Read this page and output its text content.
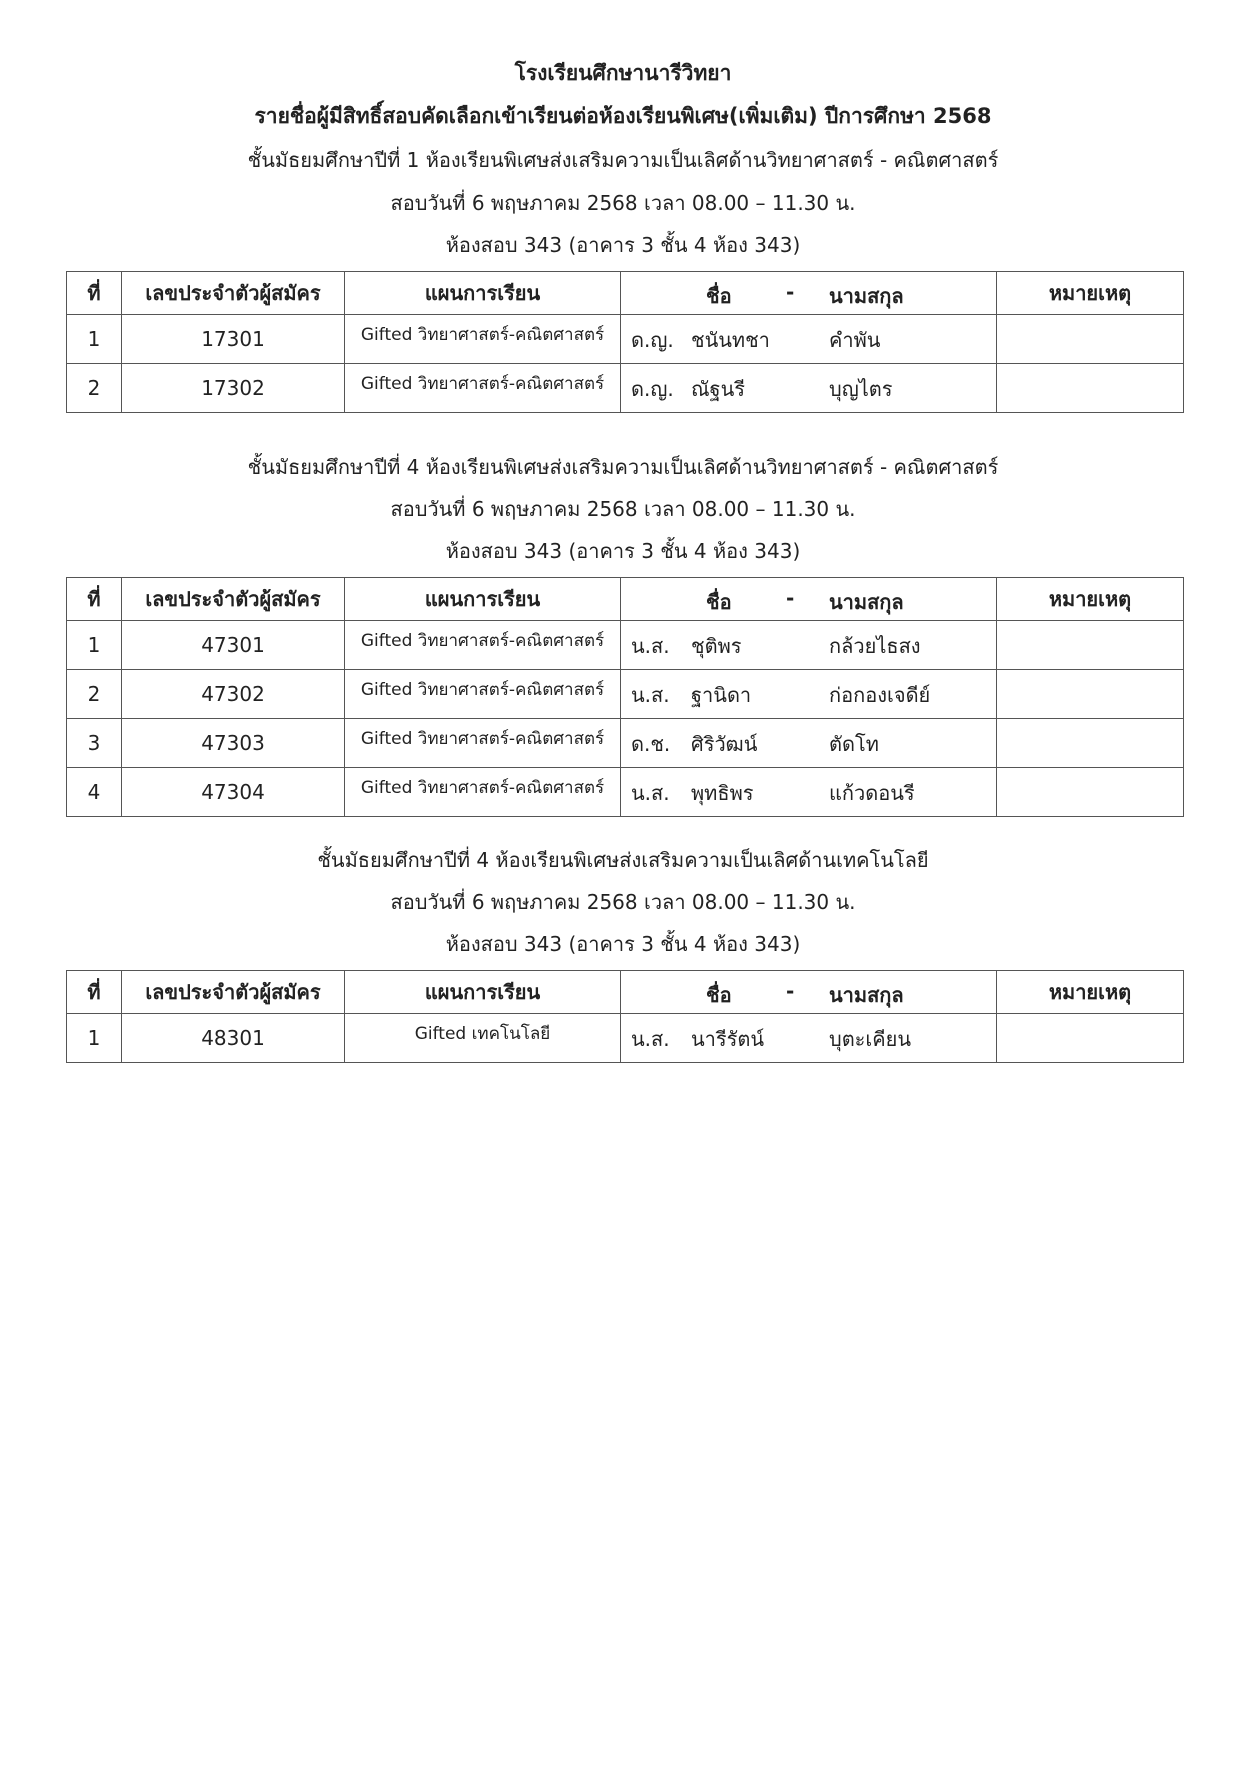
โรงเรียนศึกษานารีวิทยา
รายชื่อผู้มีสิทธิ์สอบคัดเลือกเข้าเรียนต่อห้องเรียนพิเศษ(เพิ่มเติม) ปีการศึกษา 2568
ชั้นมัธยมศึกษาปีที่ 1 ห้องเรียนพิเศษส่งเสริมความเป็นเลิศด้านวิทยาศาสตร์ - คณิตศาสตร์
สอบวันที่ 6 พฤษภาคม 2568 เวลา 08.00 – 11.30 น.
ห้องสอบ 343 (อาคาร 3 ชั้น 4 ห้อง 343)
ที่	เลขประจำตัวผู้สมัคร	แผนการเรียน	ชื่อ - นามสกุล	หมายเหตุ
1	17301	Gifted วิทยาศาสตร์-คณิตศาสตร์	ด.ญ. ชนันทชา คำพัน	

2	17302	Gifted วิทยาศาสตร์-คณิตศาสตร์	ด.ญ. ณัฐนรี บุญไตร	

ชั้นมัธยมศึกษาปีที่ 4 ห้องเรียนพิเศษส่งเสริมความเป็นเลิศด้านวิทยาศาสตร์ - คณิตศาสตร์
สอบวันที่ 6 พฤษภาคม 2568 เวลา 08.00 – 11.30 น.
ห้องสอบ 343 (อาคาร 3 ชั้น 4 ห้อง 343)
ที่	เลขประจำตัวผู้สมัคร	แผนการเรียน	ชื่อ - นามสกุล	หมายเหตุ
1	47301	Gifted วิทยาศาสตร์-คณิตศาสตร์	น.ส. ชุติพร กล้วยไธสง	

2	47302	Gifted วิทยาศาสตร์-คณิตศาสตร์	น.ส. ฐานิดา ก่อกองเจดีย์	

3	47303	Gifted วิทยาศาสตร์-คณิตศาสตร์	ด.ช. ศิริวัฒน์ ตัดโท	

4	47304	Gifted วิทยาศาสตร์-คณิตศาสตร์	น.ส. พุทธิพร แก้วดอนรี	

ชั้นมัธยมศึกษาปีที่ 4 ห้องเรียนพิเศษส่งเสริมความเป็นเลิศด้านเทคโนโลยี
สอบวันที่ 6 พฤษภาคม 2568 เวลา 08.00 – 11.30 น.
ห้องสอบ 343 (อาคาร 3 ชั้น 4 ห้อง 343)
ที่	เลขประจำตัวผู้สมัคร	แผนการเรียน	ชื่อ - นามสกุล	หมายเหตุ
1	48301	Gifted เทคโนโลยี	น.ส. นารีรัตน์ บุตะเคียน	
